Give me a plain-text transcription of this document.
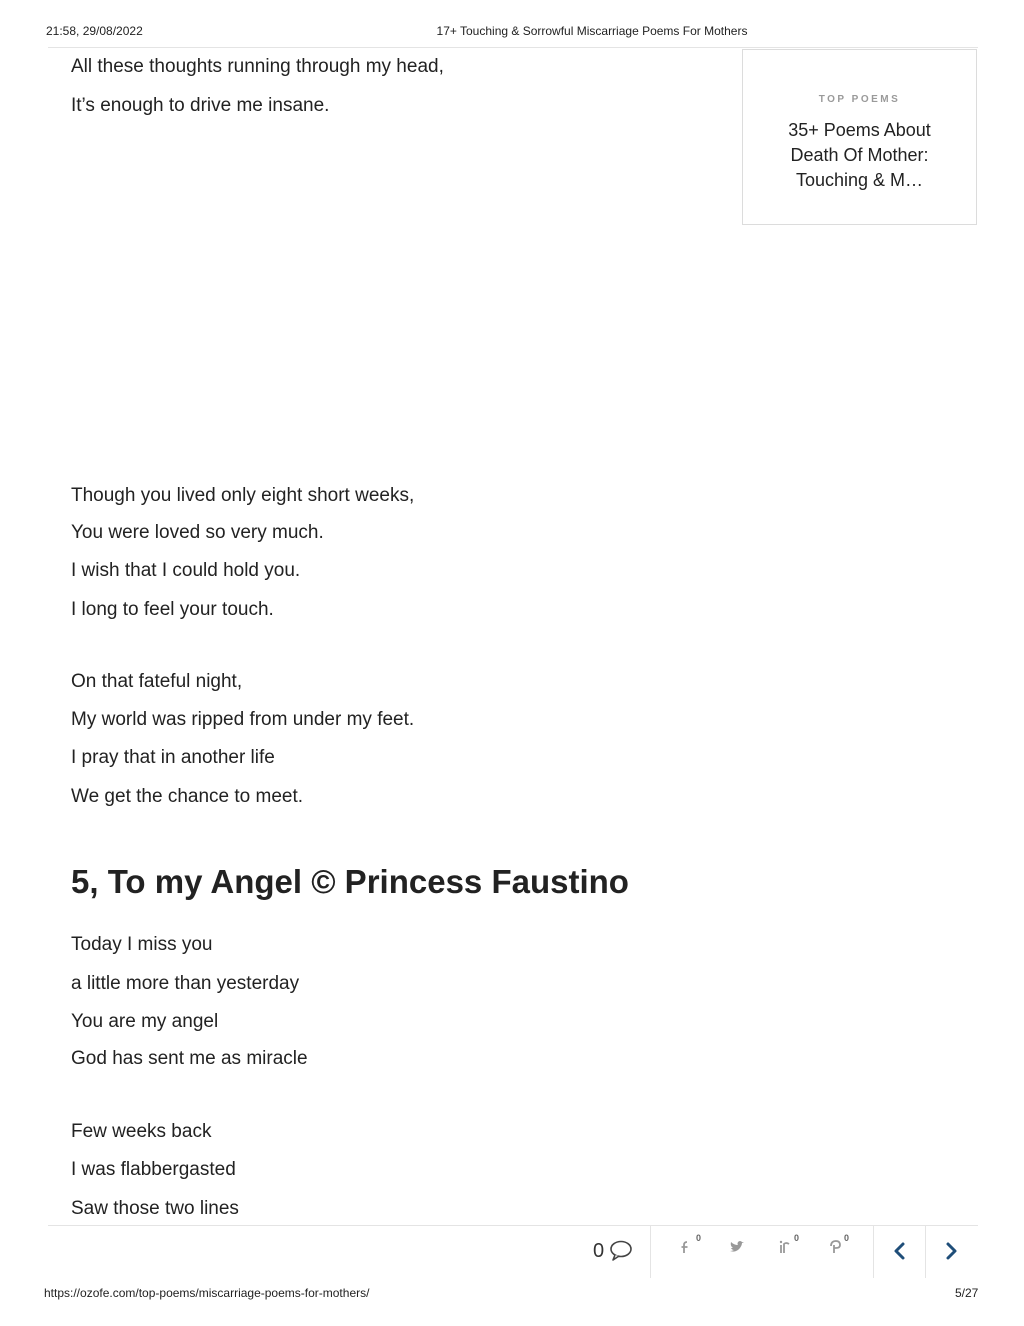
21:58, 29/08/2022	17+ Touching & Sorrowful Miscarriage Poems For Mothers
All these thoughts running through my head,
It’s enough to drive me insane.
Though you lived only eight short weeks,
You were loved so very much.
I wish that I could hold you.
I long to feel your touch.
On that fateful night,
My world was ripped from under my feet.
I pray that in another life
We get the chance to meet.
5, To my Angel © Princess Faustino
Today I miss you
a little more than yesterday
You are my angel
God has sent me as miracle
Few weeks back
I was flabbergasted
Saw those two lines
TOP POEMS
35+ Poems About Death Of Mother: Touching & M…
0
0	0	0
https://ozofe.com/top-poems/miscarriage-poems-for-mothers/	5/27
